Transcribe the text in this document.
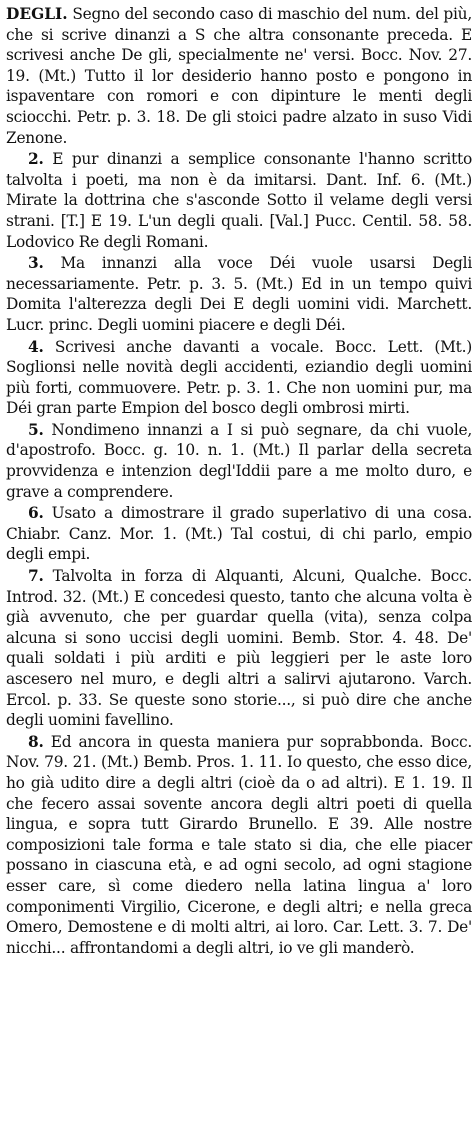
DEGLI. Segno del secondo caso di maschio del num. del più, che si scrive dinanzi a S che altra consonante preceda. E scrivesi anche De gli, specialmente ne' versi. Bocc. Nov. 27. 19. (Mt.) Tutto il lor desiderio hanno posto e pongono in ispaventare con romori e con dipinture le menti degli sciocchi. Petr. p. 3. 18. De gli stoici padre alzato in suso Vidi Zenone.

2. E pur dinanzi a semplice consonante l'hanno scritto talvolta i poeti, ma non è da imitarsi. Dant. Inf. 6. (Mt.) Mirate la dottrina che s'asconde Sotto il velame degli versi strani. [T.] E 19. L'un degli quali. [Val.] Pucc. Centil. 58. 58. Lodovico Re degli Romani.

3. Ma innanzi alla voce Déi vuole usarsi Degli necessariamente. Petr. p. 3. 5. (Mt.) Ed in un tempo quivi Domita l'alterezza degli Dei E degli uomini vidi. Marchett. Lucr. princ. Degli uomini piacere e degli Déi.

4. Scrivesi anche davanti a vocale. Bocc. Lett. (Mt.) Soglionsi nelle novità degli accidenti, eziandio degli uomini più forti, commuovere. Petr. p. 3. 1. Che non uomini pur, ma Déi gran parte Empion del bosco degli ombrosi mirti.

5. Nondimeno innanzi a I si può segnare, da chi vuole, d'apostrofo. Bocc. g. 10. n. 1. (Mt.) Il parlar della secreta provvidenza e intenzion degl'Iddii pare a me molto duro, e grave a comprendere.

6. Usato a dimostrare il grado superlativo di una cosa. Chiabr. Canz. Mor. 1. (Mt.) Tal costui, di chi parlo, empio degli empi.

7. Talvolta in forza di Alquanti, Alcuni, Qualche. Bocc. Introd. 32. (Mt.) E concedesi questo, tanto che alcuna volta è già avvenuto, che per guardar quella (vita), senza colpa alcuna si sono uccisi degli uomini. Bemb. Stor. 4. 48. De' quali soldati i più arditi e più leggieri per le aste loro ascesero nel muro, e degli altri a salirvi ajutarono. Varch. Ercol. p. 33. Se queste sono storie..., si può dire che anche degli uomini favellino.

8. Ed ancora in questa maniera pur soprabbonda. Bocc. Nov. 79. 21. (Mt.) Bemb. Pros. 1. 11. Io questo, che esso dice, ho già udito dire a degli altri (cioè da o ad altri). E 1. 19. Il che fecero assai sovente ancora degli altri poeti di quella lingua, e sopra tutt Girardo Brunello. E 39. Alle nostre composizioni tale forma e tale stato si dia, che elle piacer possano in ciascuna età, e ad ogni secolo, ad ogni stagione esser care, sì come diedero nella latina lingua a' loro componimenti Virgilio, Cicerone, e degli altri; e nella greca Omero, Demostene e di molti altri, ai loro. Car. Lett. 3. 7. De' nicchi... affrontandomi a degli altri, io ve gli manderò.
